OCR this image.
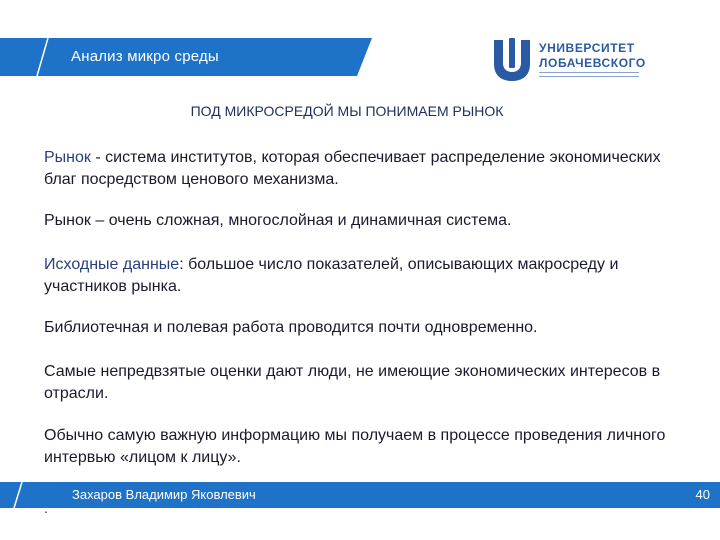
Анализ микро среды	УНИВЕРСИТЕТ
ЛОБАЧЕВСКОГО
ПОД МИКРОСРЕДОЙ МЫ ПОНИМАЕМ РЫНОК

Рынок - система институтов, которая обеспечивает распределение экономических благ посредством ценового механизма.

Рынок – очень сложная, многослойная и динамичная система.

Исходные данные: большое число показателей, описывающих макросреду и участников рынка.

Библиотечная и полевая работа проводится почти одновременно.

Самые непредвзятые оценки дают люди, не имеющие экономических интересов в отрасли.

Обычно самую важную информацию мы получаем в процессе проведения личного интервью «лицом к лицу».

Захаров Владимир Яковлевич	40
.
